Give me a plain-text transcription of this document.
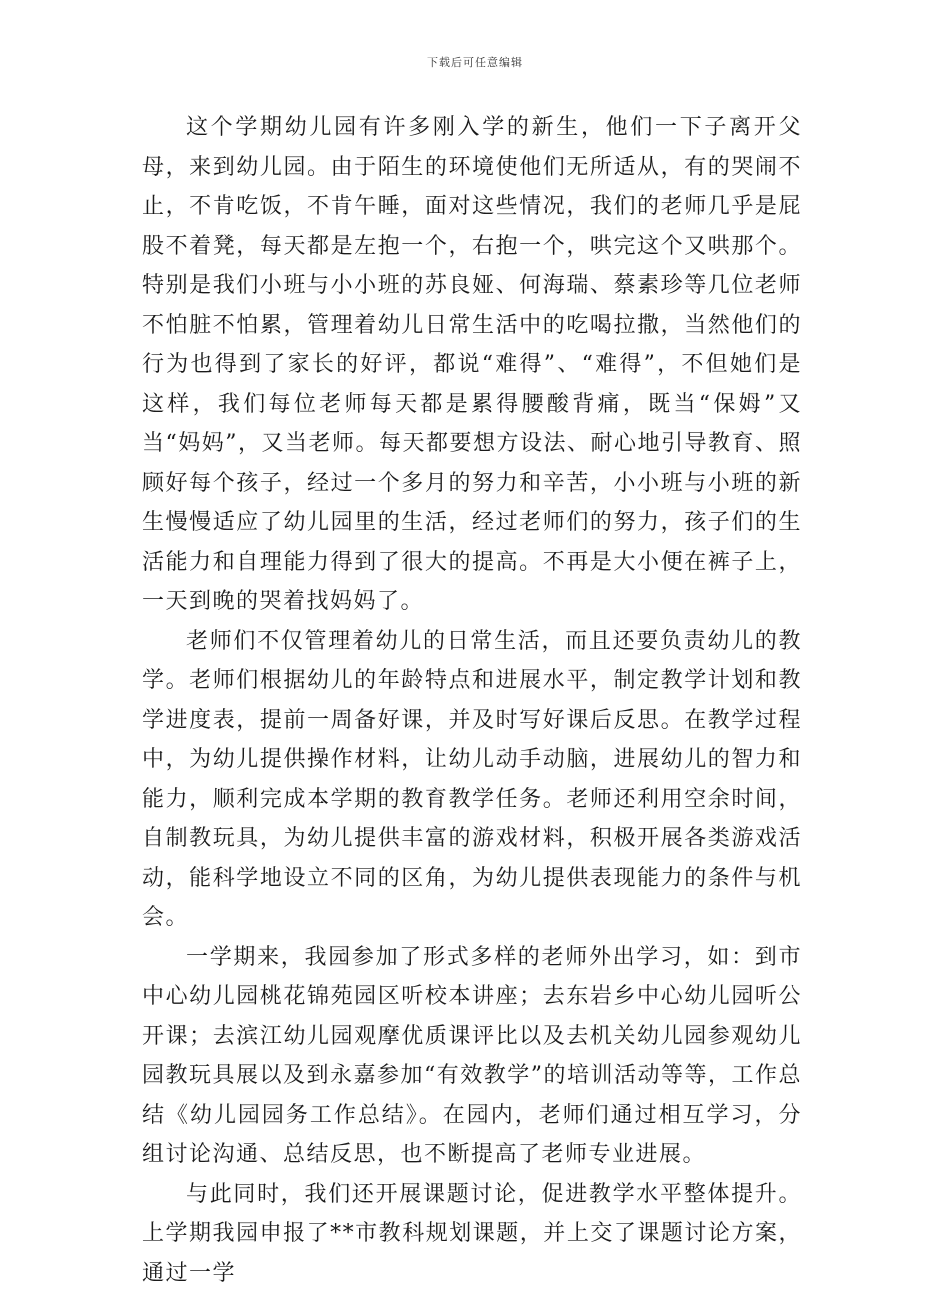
下载后可任意编辑

这个学期幼儿园有许多刚入学的新生，他们一下子离开父母，来到幼儿园。由于陌生的环境使他们无所适从，有的哭闹不止，不肯吃饭，不肯午睡，面对这些情况，我们的老师几乎是屁股不着凳，每天都是左抱一个，右抱一个，哄完这个又哄那个。特别是我们小班与小小班的苏良娅、何海瑞、蔡素珍等几位老师不怕脏不怕累，管理着幼儿日常生活中的吃喝拉撒，当然他们的行为也得到了家长的好评，都说“难得”、“难得”，不但她们是这样，我们每位老师每天都是累得腰酸背痛，既当“保姆”又当“妈妈”，又当老师。每天都要想方设法、耐心地引导教育、照顾好每个孩子，经过一个多月的努力和辛苦，小小班与小班的新生慢慢适应了幼儿园里的生活，经过老师们的努力，孩子们的生活能力和自理能力得到了很大的提高。不再是大小便在裤子上，一天到晚的哭着找妈妈了。

老师们不仅管理着幼儿的日常生活，而且还要负责幼儿的教学。老师们根据幼儿的年龄特点和进展水平，制定教学计划和教学进度表，提前一周备好课，并及时写好课后反思。在教学过程中，为幼儿提供操作材料，让幼儿动手动脑，进展幼儿的智力和能力，顺利完成本学期的教育教学任务。老师还利用空余时间，自制教玩具，为幼儿提供丰富的游戏材料，积极开展各类游戏活动，能科学地设立不同的区角，为幼儿提供表现能力的条件与机会。

一学期来，我园参加了形式多样的老师外出学习，如：到市中心幼儿园桃花锦苑园区听校本讲座；去东岩乡中心幼儿园听公开课；去滨江幼儿园观摩优质课评比以及去机关幼儿园参观幼儿园教玩具展以及到永嘉参加“有效教学”的培训活动等等，工作总结《幼儿园园务工作总结》。在园内，老师们通过相互学习，分组讨论沟通、总结反思，也不断提高了老师专业进展。

与此同时，我们还开展课题讨论，促进教学水平整体提升。上学期我园申报了**市教科规划课题，并上交了课题讨论方案，通过一学
